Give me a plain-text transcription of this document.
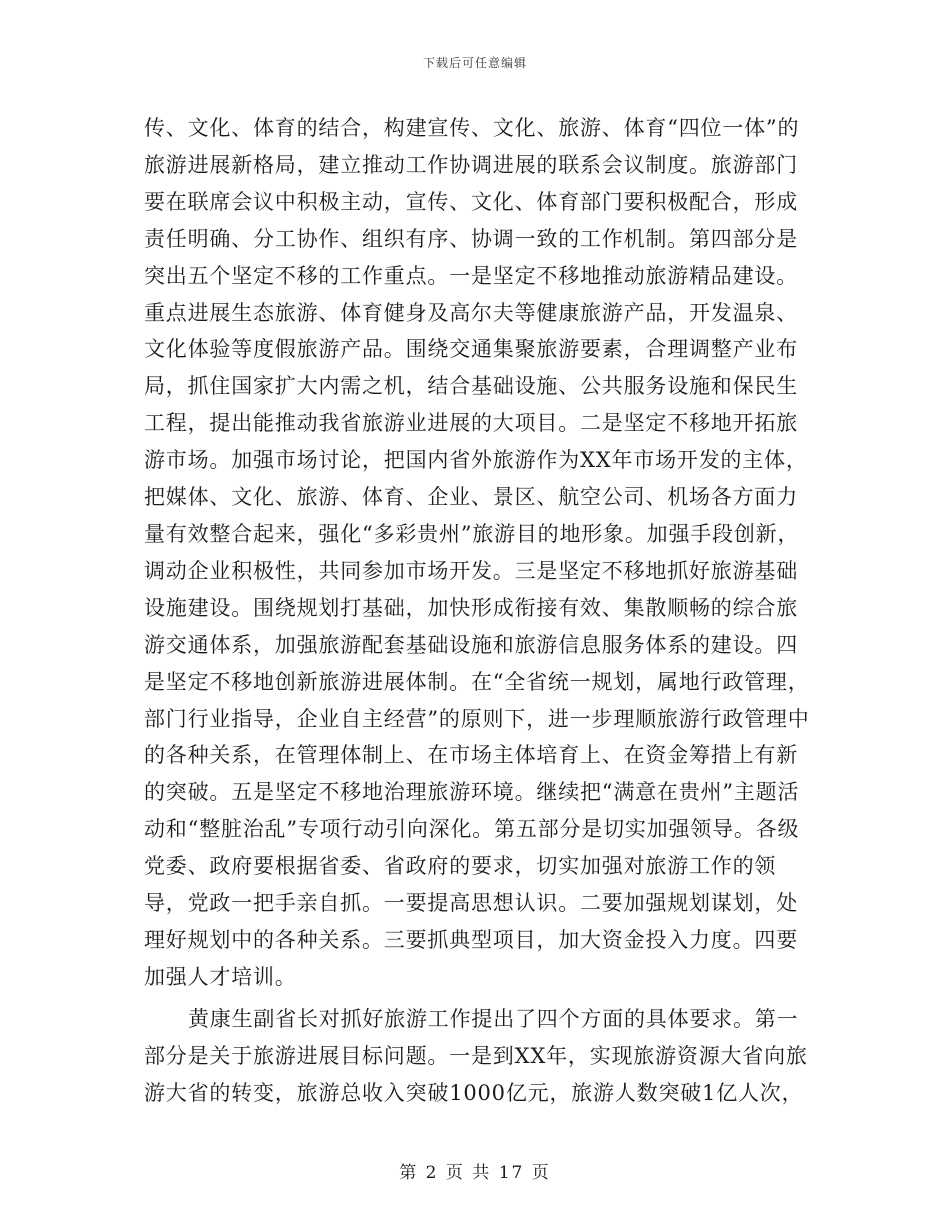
下载后可任意编辑

传、文化、体育的结合，构建宣传、文化、旅游、体育“四位一体”的旅游进展新格局，建立推动工作协调进展的联系会议制度。旅游部门要在联席会议中积极主动，宣传、文化、体育部门要积极配合，形成责任明确、分工协作、组织有序、协调一致的工作机制。第四部分是突出五个坚定不移的工作重点。一是坚定不移地推动旅游精品建设。重点进展生态旅游、体育健身及高尔夫等健康旅游产品，开发温泉、文化体验等度假旅游产品。围绕交通集聚旅游要素，合理调整产业布局，抓住国家扩大内需之机，结合基础设施、公共服务设施和保民生工程，提出能推动我省旅游业进展的大项目。二是坚定不移地开拓旅游市场。加强市场讨论，把国内省外旅游作为XX年市场开发的主体，把媒体、文化、旅游、体育、企业、景区、航空公司、机场各方面力量有效整合起来，强化“多彩贵州”旅游目的地形象。加强手段创新，调动企业积极性，共同参加市场开发。三是坚定不移地抓好旅游基础设施建设。围绕规划打基础，加快形成衔接有效、集散顺畅的综合旅游交通体系，加强旅游配套基础设施和旅游信息服务体系的建设。四是坚定不移地创新旅游进展体制。在“全省统一规划，属地行政管理，部门行业指导，企业自主经营”的原则下，进一步理顺旅游行政管理中的各种关系，在管理体制上、在市场主体培育上、在资金筹措上有新的突破。五是坚定不移地治理旅游环境。继续把“满意在贵州”主题活动和“整脏治乱”专项行动引向深化。第五部分是切实加强领导。各级党委、政府要根据省委、省政府的要求，切实加强对旅游工作的领导，党政一把手亲自抓。一要提高思想认识。二要加强规划谋划，处理好规划中的各种关系。三要抓典型项目，加大资金投入力度。四要加强人才培训。

黄康生副省长对抓好旅游工作提出了四个方面的具体要求。第一部分是关于旅游进展目标问题。一是到XX年，实现旅游资源大省向旅游大省的转变，旅游总收入突破1000亿元，旅游人数突破1亿人次，

第 2 页 共 17 页
